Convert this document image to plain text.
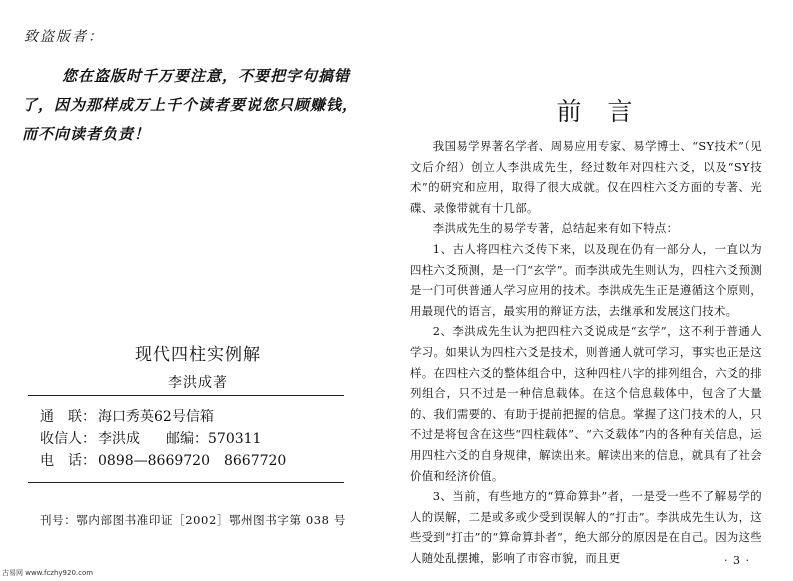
致盗版者：
您在盗版时千万要注意，不要把字句搞错了，因为那样成万上千个读者要说您只顾赚钱，而不向读者负责！
现代四柱实例解
李洪成著
通　联： 海口秀英62号信箱
收信人： 李洪成 邮编：570311
电　话： 0898—8669720 8667720
刊号：鄂内部图书准印证［2002］鄂州图书字第 038 号
古易网 www.fczhy920.com
前言

我国易学界著名学者、周易应用专家、易学博士、“SY技术”（见文后介绍）创立人李洪成先生，经过数年对四柱六爻，以及“SY技术”的研究和应用，取得了很大成就。仅在四柱六爻方面的专著、光碟、录像带就有十几部。

李洪成先生的易学专著，总结起来有如下特点：

1、古人将四柱六爻传下来，以及现在仍有一部分人，一直以为四柱六爻预测，是一门“玄学”。而李洪成先生则认为，四柱六爻预测是一门可供普通人学习应用的技术。李洪成先生正是遵循这个原则，用最现代的语言，最实用的辩证方法，去继承和发展这门技术。

2、李洪成先生认为把四柱六爻说成是“玄学”，这不利于普通人学习。如果认为四柱六爻是技术，则普通人就可学习，事实也正是这样。在四柱六爻的整体组合中，这种四柱八字的排列组合，六爻的排列组合，只不过是一种信息载体。在这个信息载体中，包含了大量的、我们需要的、有助于提前把握的信息。掌握了这门技术的人，只不过是将包含在这些“四柱载体”、“六爻载体”内的各种有关信息，运用四柱六爻的自身规律，解读出来。解读出来的信息，就具有了社会价值和经济价值。

3、当前，有些地方的“算命算卦”者，一是受一些不了解易学的人的误解，二是或多或少受到误解人的“打击”。李洪成先生认为，这些受到“打击”的“算命算卦者”，绝大部分的原因是在自己。因为这些人随处乱摆摊，影响了市容市貌，而且更	· 3 ·
